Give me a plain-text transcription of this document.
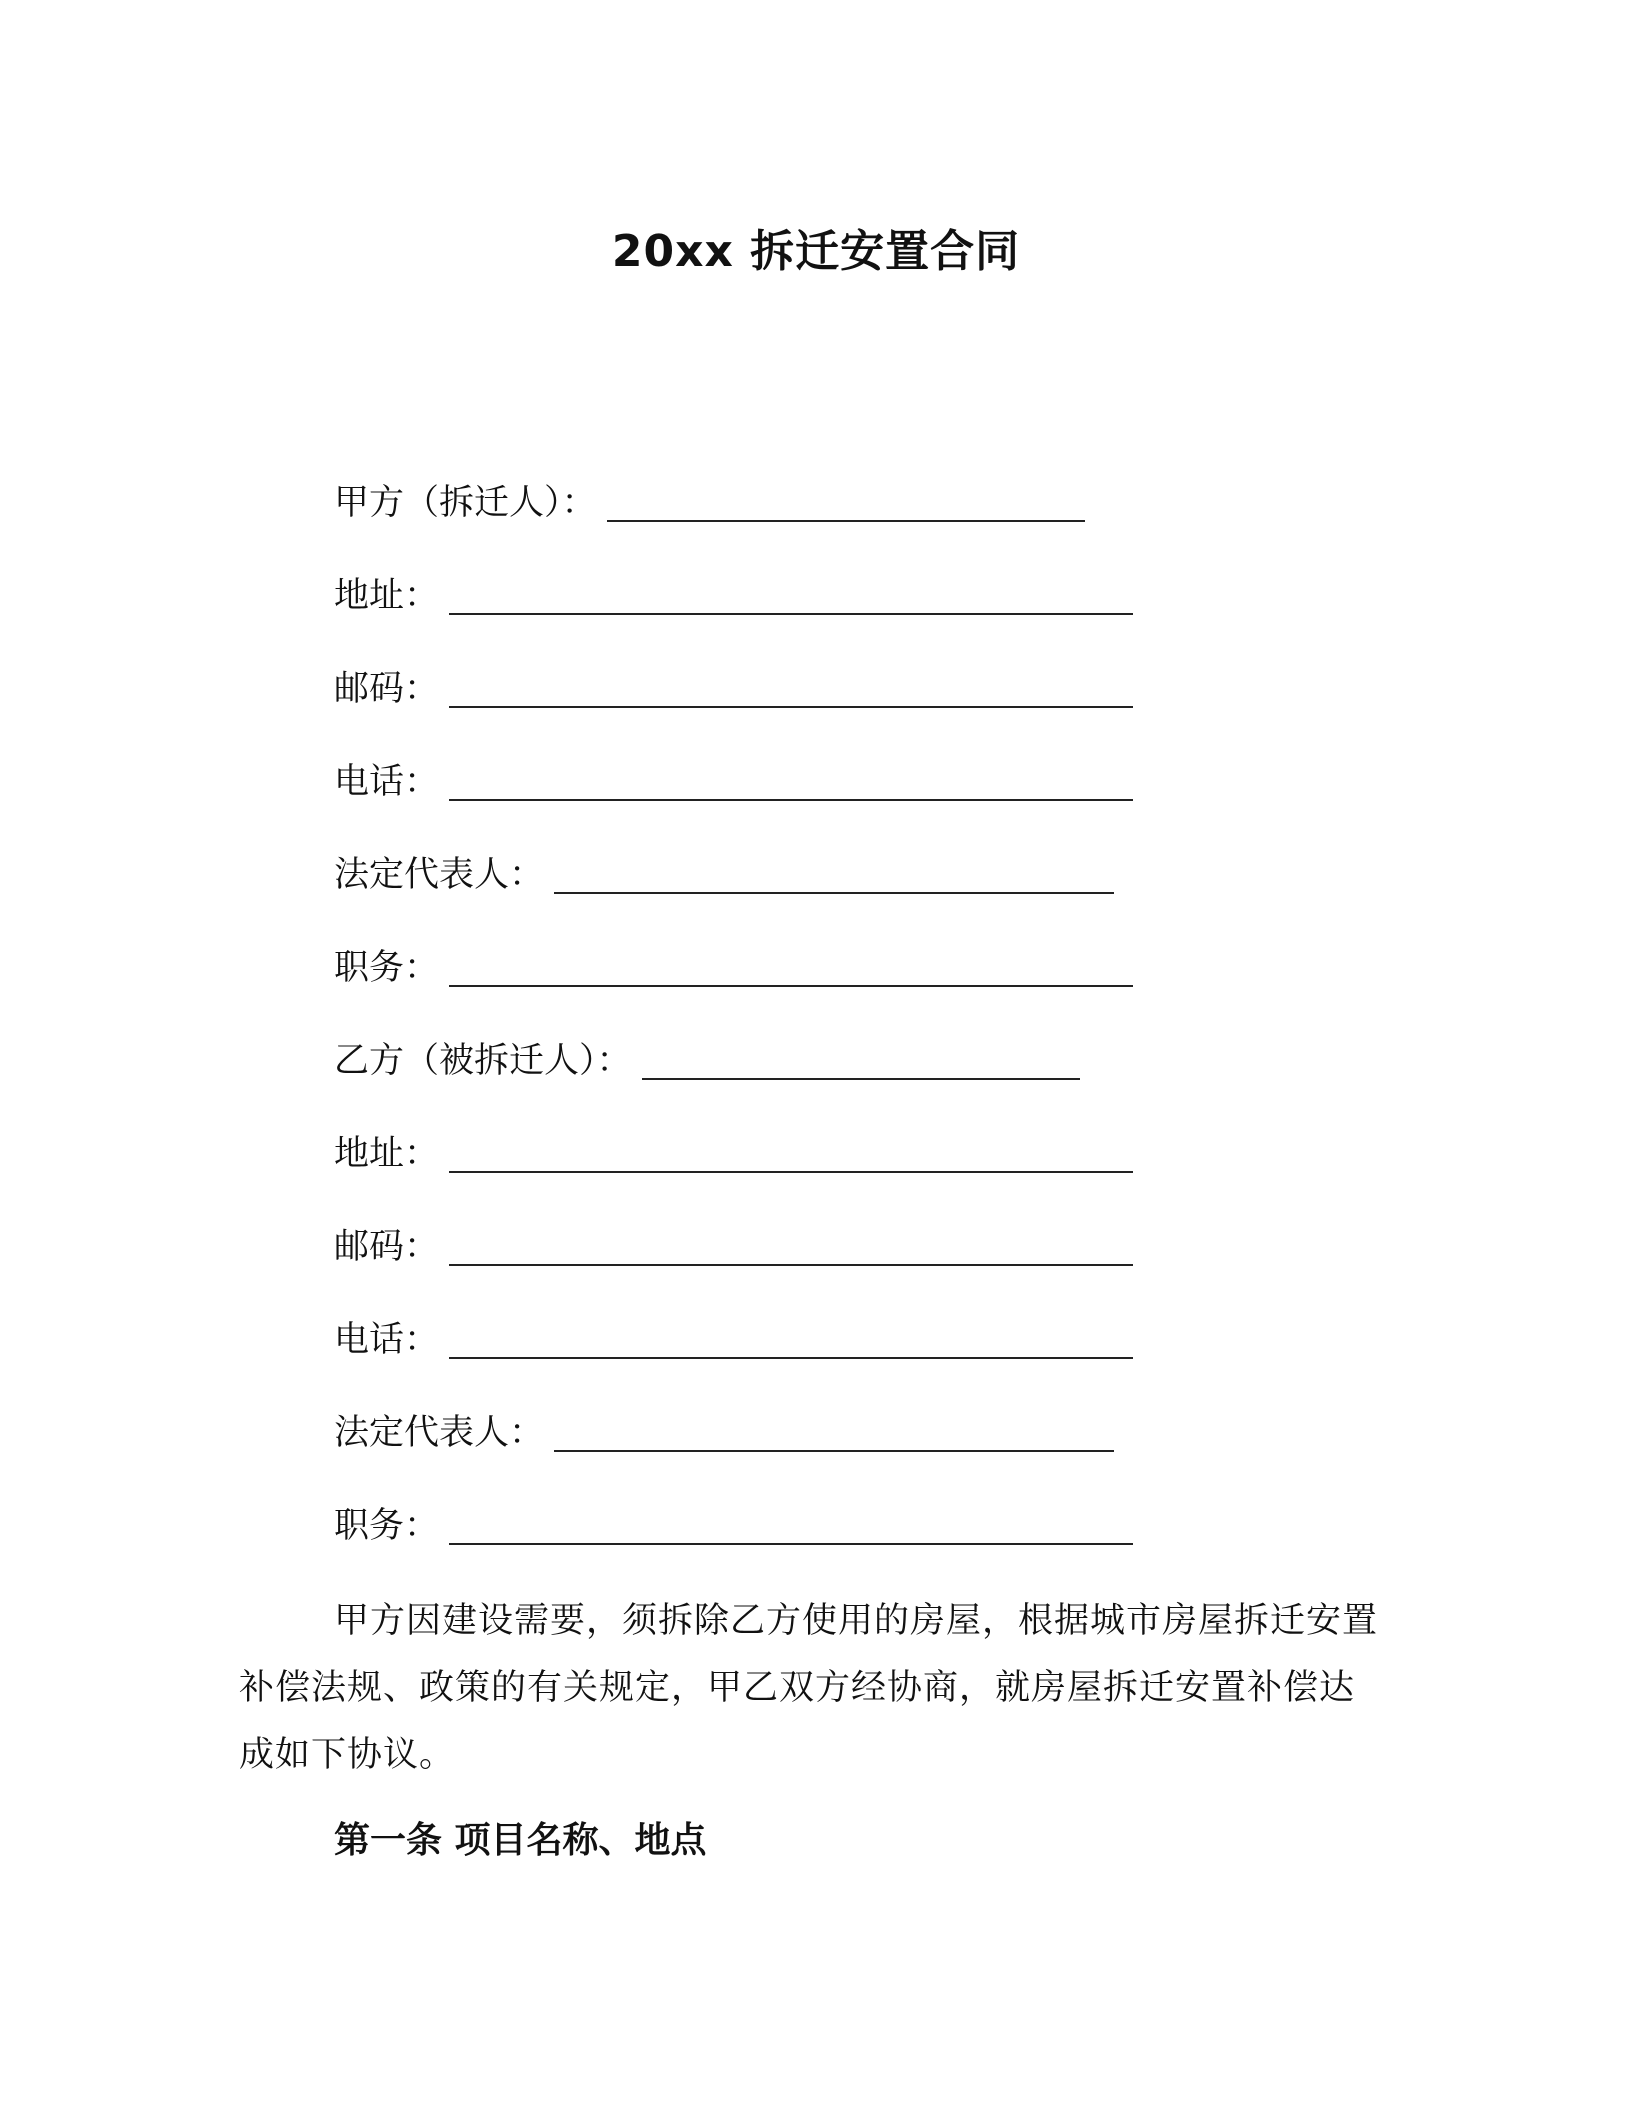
20xx 拆迁安置合同
甲方（拆迁人）：
地址：
邮码：
电话：
法定代表人：
职务：
乙方（被拆迁人）：
地址：
邮码：
电话：
法定代表人：
职务：
甲方因建设需要，须拆除乙方使用的房屋，根据城市房屋拆迁安置补偿法规、政策的有关规定，甲乙双方经协商，就房屋拆迁安置补偿达成如下协议。
第一条 项目名称、地点
